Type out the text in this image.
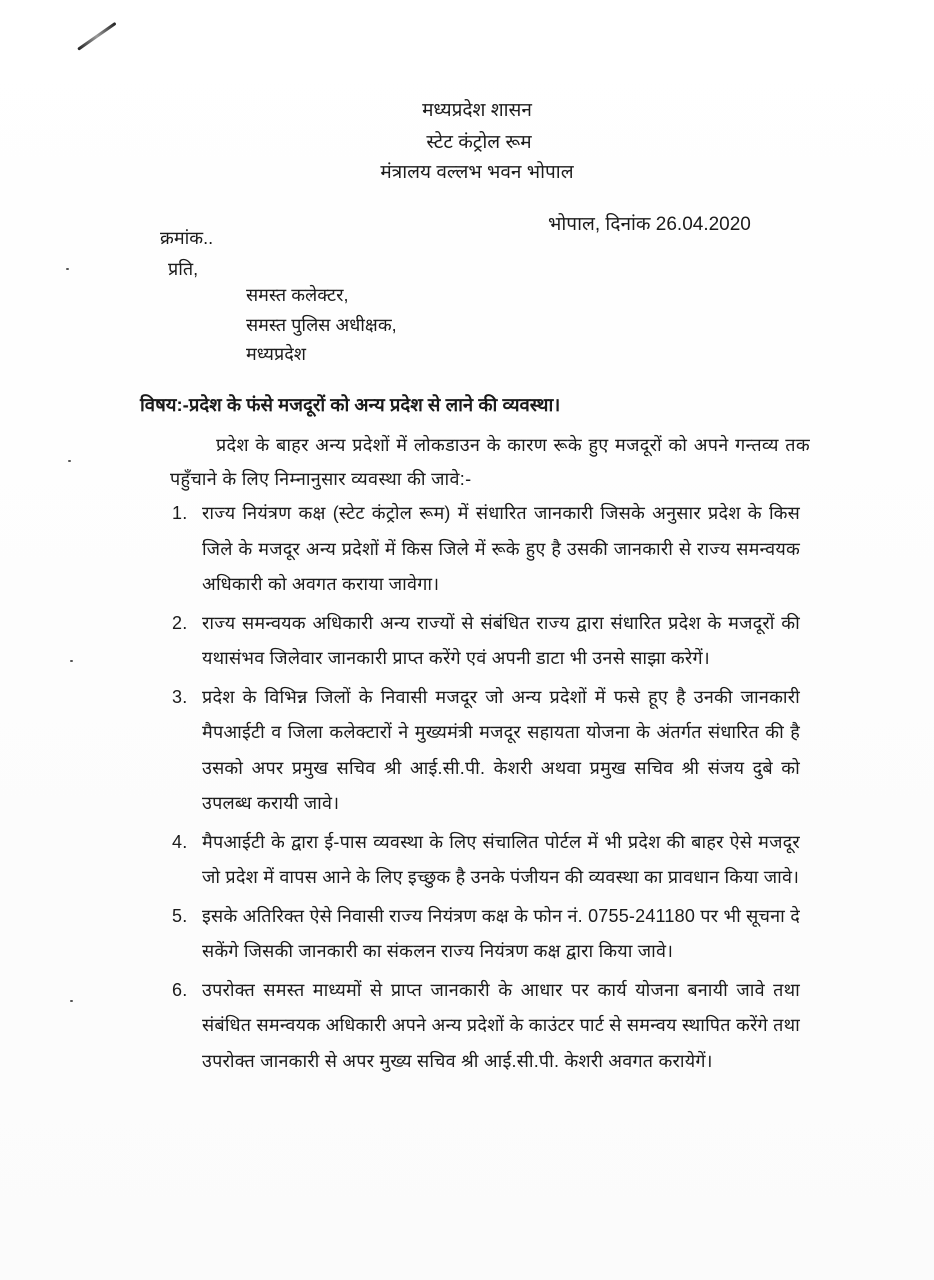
मध्यप्रदेश शासन
स्टेट कंट्रोल रूम
मंत्रालय वल्लभ भवन भोपाल
भोपाल, दिनांक 26.04.2020
क्रमांक..
प्रति,
समस्त कलेक्टर,
समस्त पुलिस अधीक्षक,
मध्यप्रदेश
विषय:-प्रदेश के फंसे मजदूरों को अन्य प्रदेश से लाने की व्यवस्था।
प्रदेश के बाहर अन्य प्रदेशों में लोकडाउन के कारण रूके हुए मजदूरों को अपने गन्तव्य तक पहुँचाने के लिए निम्नानुसार व्यवस्था की जावे:-
1. राज्य नियंत्रण कक्ष (स्टेट कंट्रोल रूम) में संधारित जानकारी जिसके अनुसार प्रदेश के किस जिले के मजदूर अन्य प्रदेशों में किस जिले में रूके हुए है उसकी जानकारी से राज्य समन्वयक अधिकारी को अवगत कराया जावेगा।
2. राज्य समन्वयक अधिकारी अन्य राज्यों से संबंधित राज्य द्वारा संधारित प्रदेश के मजदूरों की यथासंभव जिलेवार जानकारी प्राप्त करेंगे एवं अपनी डाटा भी उनसे साझा करेगें।
3. प्रदेश के विभिन्न जिलों के निवासी मजदूर जो अन्य प्रदेशों में फसे हूए है उनकी जानकारी मैपआईटी व जिला कलेक्टारों ने मुख्यमंत्री मजदूर सहायता योजना के अंतर्गत संधारित की है उसको अपर प्रमुख सचिव श्री आई.सी.पी. केशरी अथवा प्रमुख सचिव श्री संजय दुबे को उपलब्ध करायी जावे।
4. मैपआईटी के द्वारा ई-पास व्यवस्था के लिए संचालित पोर्टल में भी प्रदेश की बाहर ऐसे मजदूर जो प्रदेश में वापस आने के लिए इच्छुक है उनके पंजीयन की व्यवस्था का प्रावधान किया जावे।
5. इसके अतिरिक्त ऐसे निवासी राज्य नियंत्रण कक्ष के फोन नं. 0755-241180 पर भी सूचना दे सकेंगे जिसकी जानकारी का संकलन राज्य नियंत्रण कक्ष द्वारा किया जावे।
6. उपरोक्त समस्त माध्यमों से प्राप्त जानकारी के आधार पर कार्य योजना बनायी जावे तथा संबंधित समन्वयक अधिकारी अपने अन्य प्रदेशों के काउंटर पार्ट से समन्वय स्थापित करेंगे तथा उपरोक्त जानकारी से अपर मुख्य सचिव श्री आई.सी.पी. केशरी अवगत करायेगें।
